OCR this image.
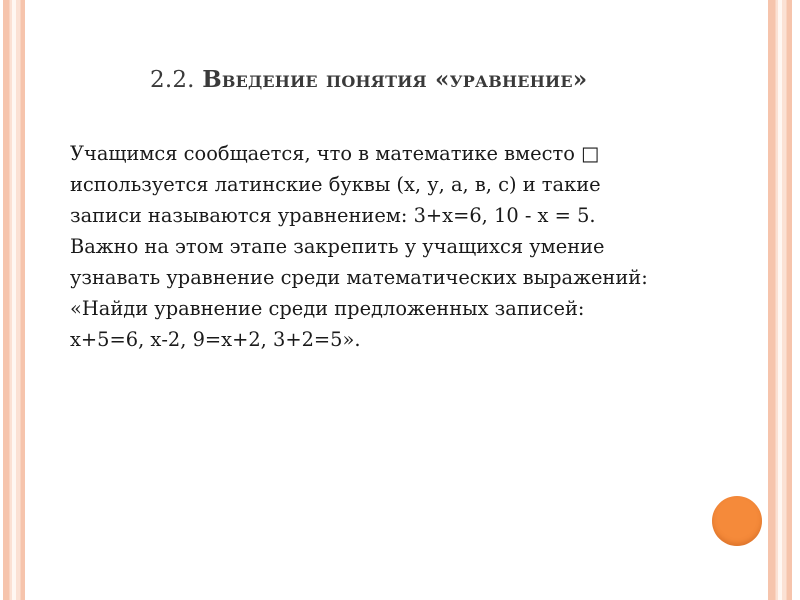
2.2. Введение понятия «уравнение»
Учащимся сообщается, что в математике вместо □
используется латинские буквы (х, у, а, в, с) и такие
записи называются уравнением: 3+х=6, 10 - х = 5.
Важно на этом этапе закрепить у учащихся умение
узнавать уравнение среди математических выражений:
«Найди уравнение среди предложенных записей:
х+5=6, х-2, 9=х+2, 3+2=5».
